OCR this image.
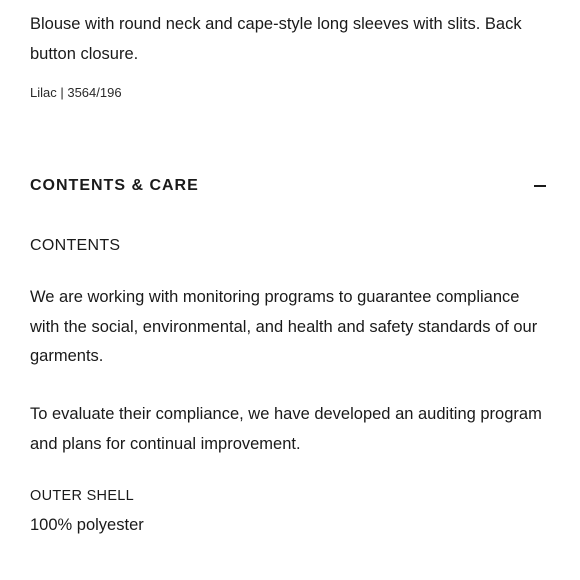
Blouse with round neck and cape-style long sleeves with slits. Back button closure.

Lilac | 3564/196

CONTENTS & CARE

CONTENTS

We are working with monitoring programs to guarantee compliance with the social, environmental, and health and safety standards of our garments.

To evaluate their compliance, we have developed an auditing program and plans for continual improvement.

OUTER SHELL

100% polyester
